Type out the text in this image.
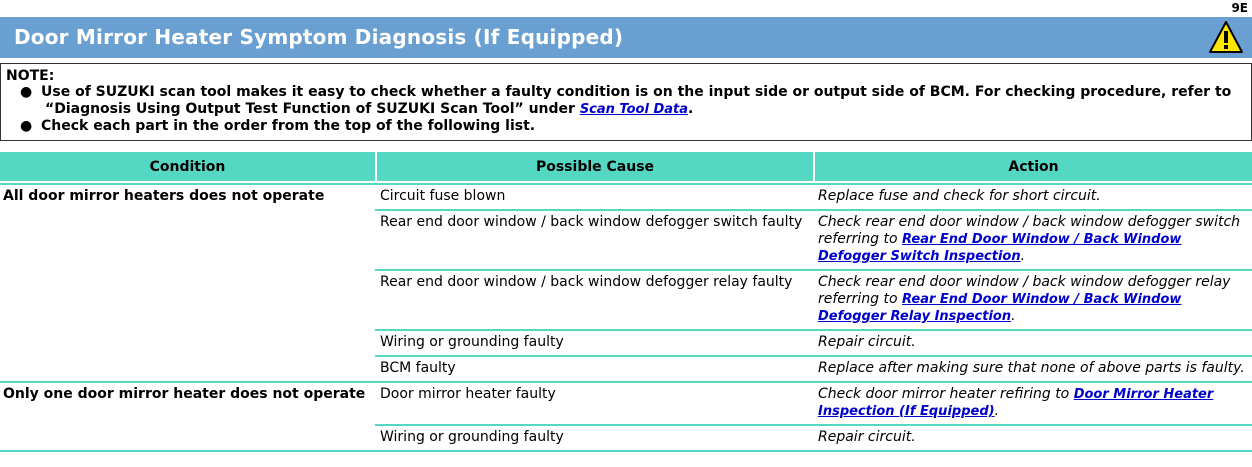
9E
Door Mirror Heater Symptom Diagnosis (If Equipped)
NOTE:
● Use of SUZUKI scan tool makes it easy to check whether a faulty condition is on the input side or output side of BCM. For checking procedure, refer to
“Diagnosis Using Output Test Function of SUZUKI Scan Tool” under Scan Tool Data.
● Check each part in the order from the top of the following list.
Condition	Possible Cause	Action

All door mirror heaters does not operate	Circuit fuse blown	Replace fuse and check for short circuit.
	Rear end door window / back window defogger switch faulty	Check rear end door window / back window defogger switch referring to Rear End Door Window / Back Window Defogger Switch Inspection.
	Rear end door window / back window defogger relay faulty	Check rear end door window / back window defogger relay referring to Rear End Door Window / Back Window Defogger Relay Inspection.
	Wiring or grounding faulty	Repair circuit.
	BCM faulty	Replace after making sure that none of above parts is faulty.
Only one door mirror heater does not operate	Door mirror heater faulty	Check door mirror heater refiring to Door Mirror Heater Inspection (If Equipped).
	Wiring or grounding faulty	Repair circuit.
